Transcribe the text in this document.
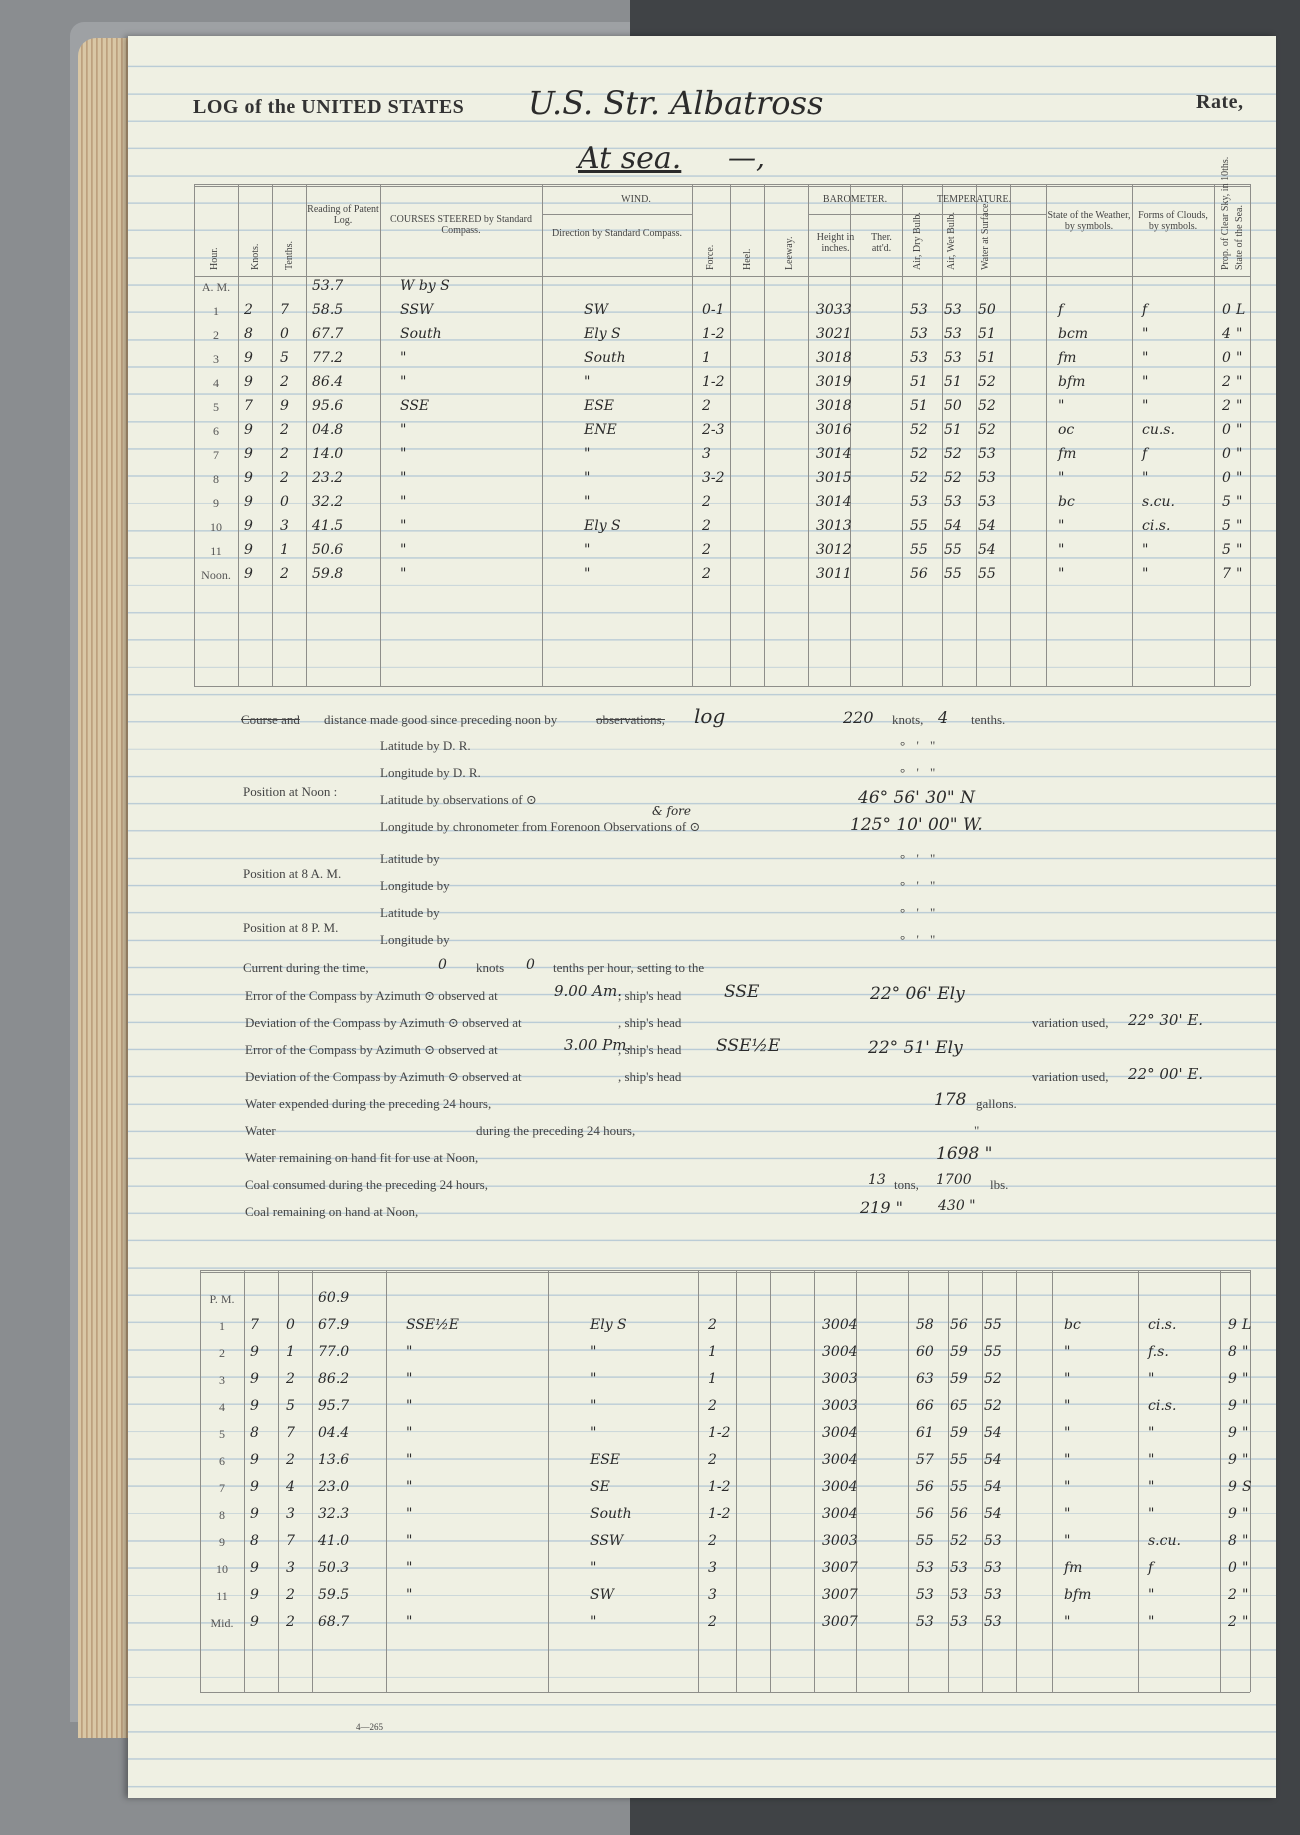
LOG of the UNITED STATES U.S. Str. Albatross	Rate,
At sea. —,
Hour.	Knots. Tenths.
Reading of Patent Log.	COURSES STEERED by Standard Compass.
WIND.
Direction by Standard Compass.
Force.	Heel.	Leeway.
BAROMETER.
Height in inches.
Ther. att'd.
TEMPERATURE.
Air, Dry Bulb. Air, Wet Bulb. Water at Surface.	State of the Weather, by symbols.
Forms of Clouds, by symbols.	Prop. of Clear Sky, in 10ths. State of the Sea.
A. M.	53.7	W by S
1	2 7 58.5	SSW	SW	0-1	3033	53 53 50	f	f	0 L
2	8 0 67.7	South	Ely S	1-2	3021	53 53 51	bcm	"	4 "
3	9 5 77.2	"	South	1	3018	53 53 51	fm	"	0 "
4	9 2 86.4	"	"	1-2	3019	51 51 52	bfm	"	2 "
5	7 9 95.6	SSE	ESE	2	3018	51 50 52	"	"	2 "
6	9 2 04.8	"	ENE	2-3	3016	52 51 52	oc	cu.s.	0 "
7	9 2 14.0	"	"	3	3014	52 52 53	fm	f	0 "
8	9 2 23.2	"	"	3-2	3015	52 52 53	"	"	0 "
9	9 0 32.2	"	"	2	3014	53 53 53	bc	s.cu.	5 "
10	9 3 41.5	"	Ely S	2	3013	55 54 54	"	ci.s.	5 "
11	9 1 50.6	"	"	2	3012	55 55 54	"	"	5 "
Noon. 9 2 59.8	"	"	2	3011	56 55 55	"	"	7 "
Course and distance made good since preceding noon by	observations, log	220 knots, 4 tenths.
Position at Noon :
Latitude by D. R.
Longitude by D. R.
Latitude by observations of ⊙
Longitude by chronometer from Forenoon Observations of ⊙
° ' "
° ' "
46° 56' 30" N
125° 10' 00" W.
& fore
Position at 8 A. M.
Latitude by
Longitude by
° ' "
° ' "
Position at 8 P. M.
Latitude by
Longitude by
° ' "
° ' "
Current during the time,	0 knots 0 tenths per hour, setting to the
Error of the Compass by Azimuth ⊙ observed at	9.00 Am.
, ship's head	SSE	22° 06' Ely
Deviation of the Compass by Azimuth ⊙ observed at	, ship's head	variation used, 22° 30' E.
Error of the Compass by Azimuth ⊙ observed at	3.00 Pm.
, ship's head SSE½E	22° 51' Ely
Deviation of the Compass by Azimuth ⊙ observed at	, ship's head	variation used, 22° 00' E.
Water expended during the preceding 24 hours,	178 gallons.
Water	during the preceding 24 hours,	"
Water remaining on hand fit for use at Noon,	1698 "
Coal consumed during the preceding 24 hours,	13 tons, 1700 lbs.
Coal remaining on hand at Noon,	219 "	430 "
P. M.	60.9
1	7 0 67.9	SSE½E	Ely S	2	3004	58 56 55	bc	ci.s.	9 L
2	9 1 77.0	"	"	1	3004	60 59 55	"	f.s.	8 "
3	9 2 86.2	"	"	1	3003	63 59 52	"	"	9 "
4	9 5 95.7	"	"	2	3003	66 65 52	"	ci.s.	9 "
5	8 7 04.4	"	"	1-2	3004	61 59 54	"	"	9 "
6	9 2 13.6	"	ESE	2	3004	57 55 54	"	"	9 "
7	9 4 23.0	"	SE	1-2	3004	56 55 54	"	"	9 S
8	9 3 32.3	"	South	1-2	3004	56 56 54	"	"	9 "
9	8 7 41.0	"	SSW	2	3003	55 52 53	"	s.cu.	8 "
10	9 3 50.3	"	"	3	3007	53 53 53	fm	f	0 "
11	9 2 59.5	"	SW	3	3007	53 53 53	bfm	"	2 "
Mid.	9 2 68.7	"	"	2	3007	53 53 53	"	"	2 "
4—265
